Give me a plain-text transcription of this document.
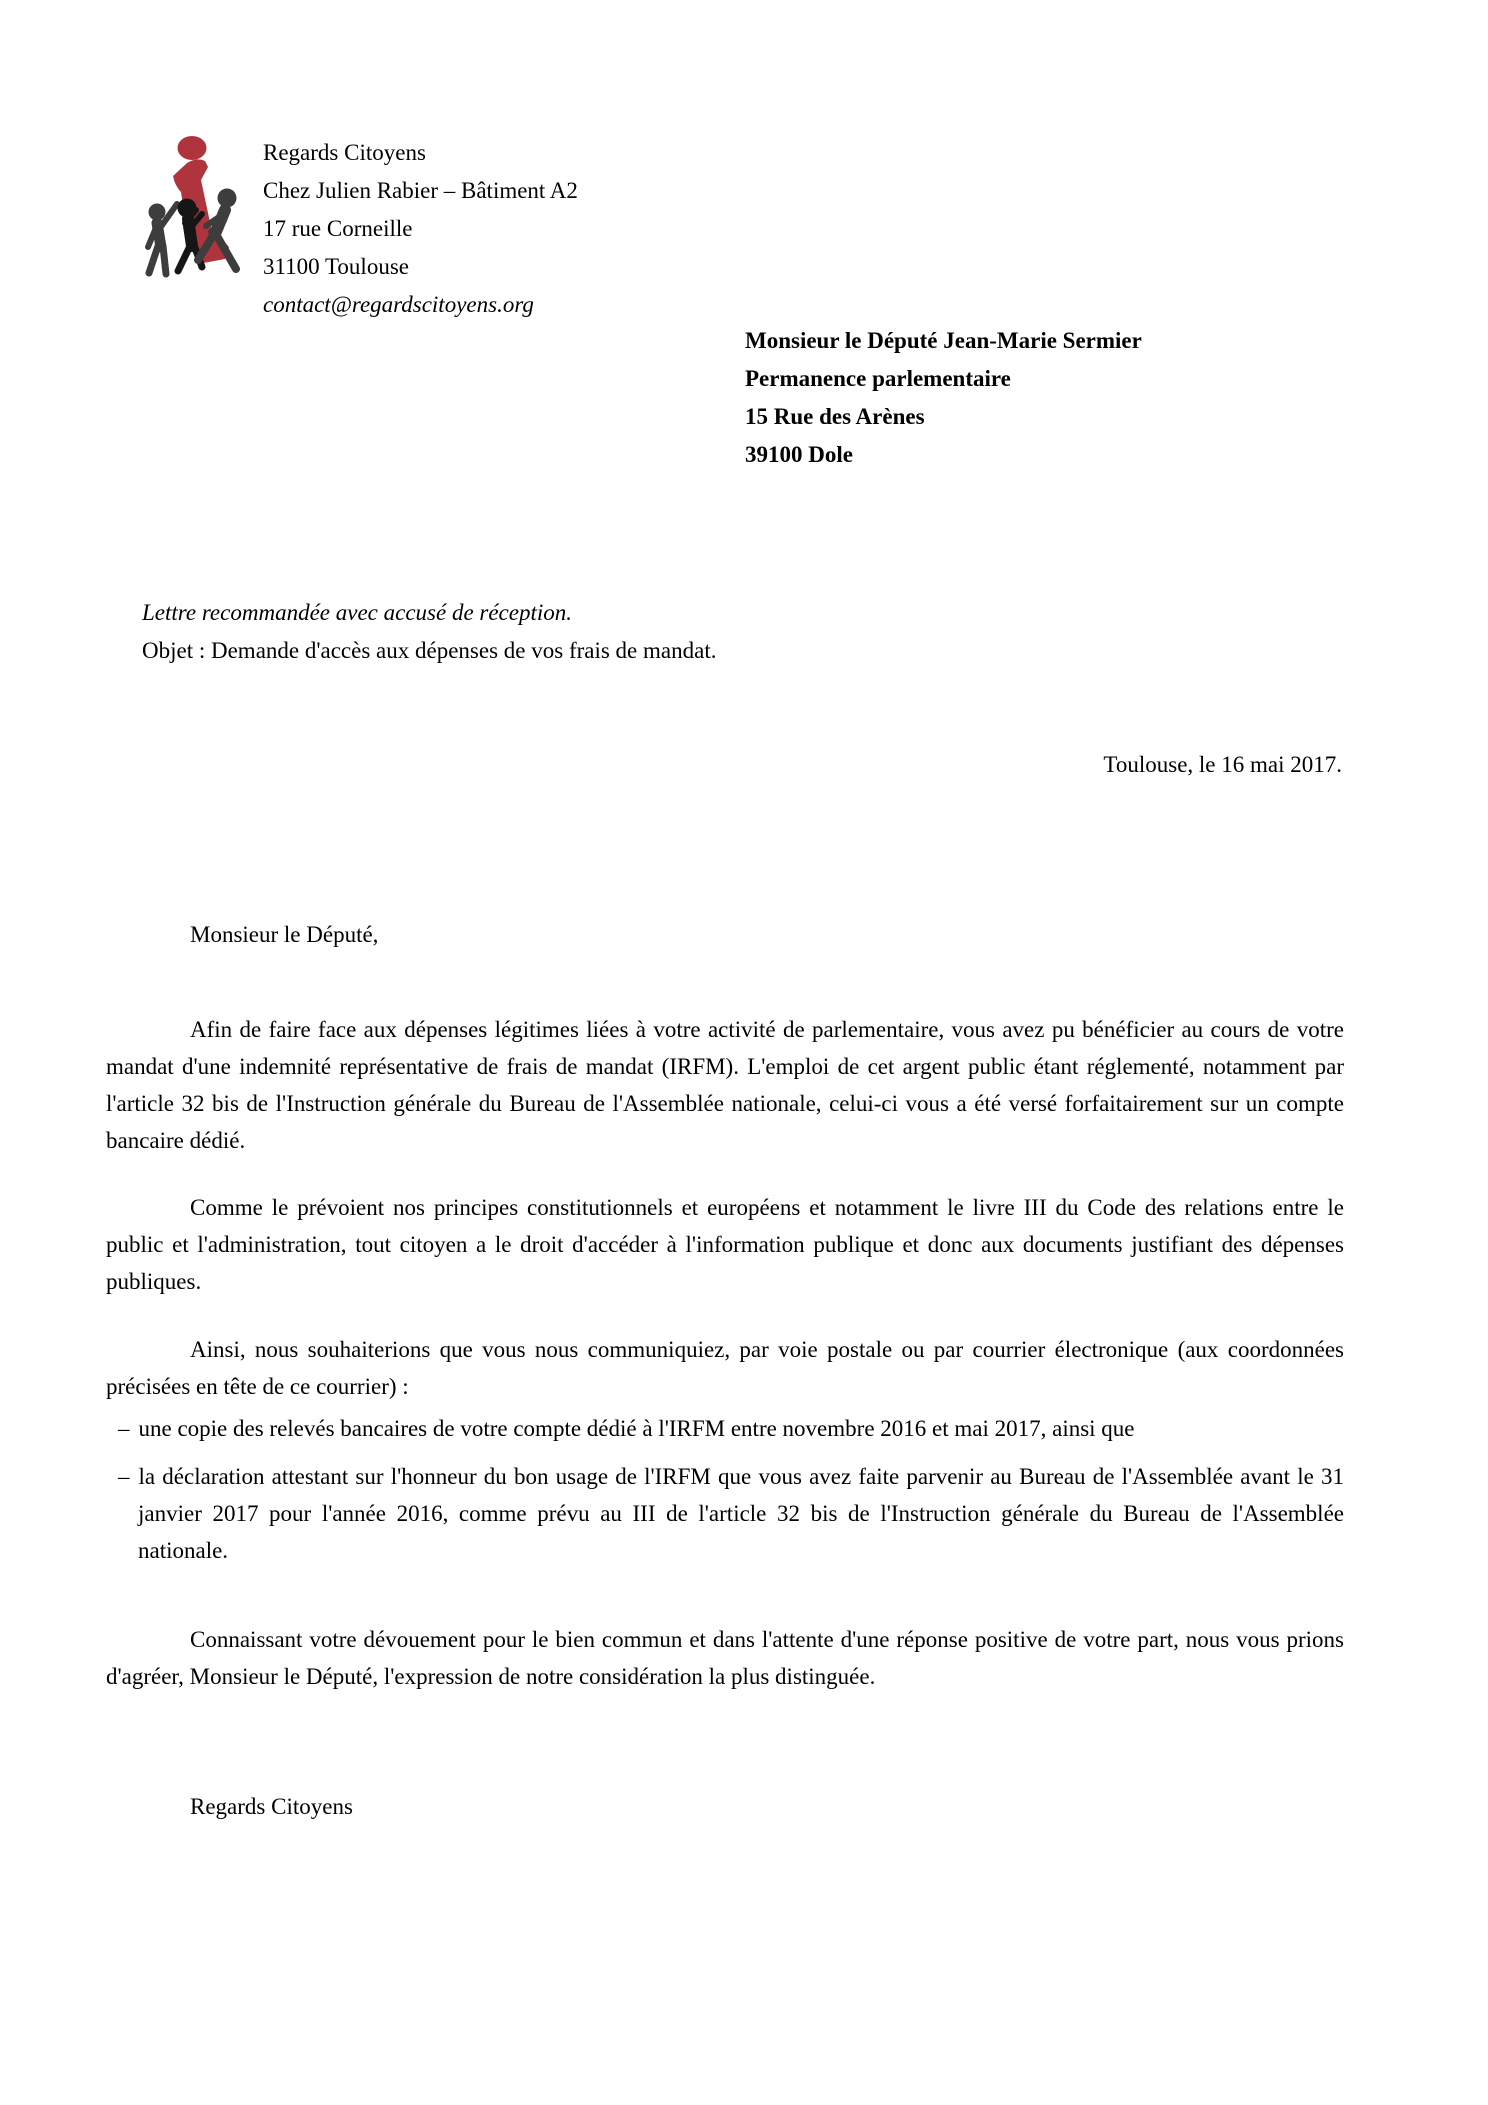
Regards Citoyens
Chez Julien Rabier – Bâtiment A2
17 rue Corneille
31100 Toulouse
contact@regardscitoyens.org
Monsieur le Député Jean-Marie Sermier
Permanence parlementaire
15 Rue des Arènes
39100 Dole
Lettre recommandée avec accusé de réception.
Objet : Demande d'accès aux dépenses de vos frais de mandat.
Toulouse, le 16 mai 2017.
Monsieur le Député,

Afin de faire face aux dépenses légitimes liées à votre activité de parlementaire, vous avez pu bénéficier au cours de votre mandat d'une indemnité représentative de frais de mandat (IRFM). L'emploi de cet argent public étant réglementé, notamment par l'article 32 bis de l'Instruction générale du Bureau de l'Assemblée nationale, celui-ci vous a été versé forfaitairement sur un compte bancaire dédié.

Comme le prévoient nos principes constitutionnels et européens et notamment le livre III du Code des relations entre le public et l'administration, tout citoyen a le droit d'accéder à l'information publique et donc aux documents justifiant des dépenses publiques.

Ainsi, nous souhaiterions que vous nous communiquiez, par voie postale ou par courrier électronique (aux coordonnées précisées en tête de ce courrier) :

– une copie des relevés bancaires de votre compte dédié à l'IRFM entre novembre 2016 et mai 2017, ainsi que
– la déclaration attestant sur l'honneur du bon usage de l'IRFM que vous avez faite parvenir au Bureau de l'Assemblée avant le 31 janvier 2017 pour l'année 2016, comme prévu au III de l'article 32 bis de l'Instruction générale du Bureau de l'Assemblée nationale.

Connaissant votre dévouement pour le bien commun et dans l'attente d'une réponse positive de votre part, nous vous prions d'agréer, Monsieur le Député, l'expression de notre considération la plus distinguée.

Regards Citoyens
